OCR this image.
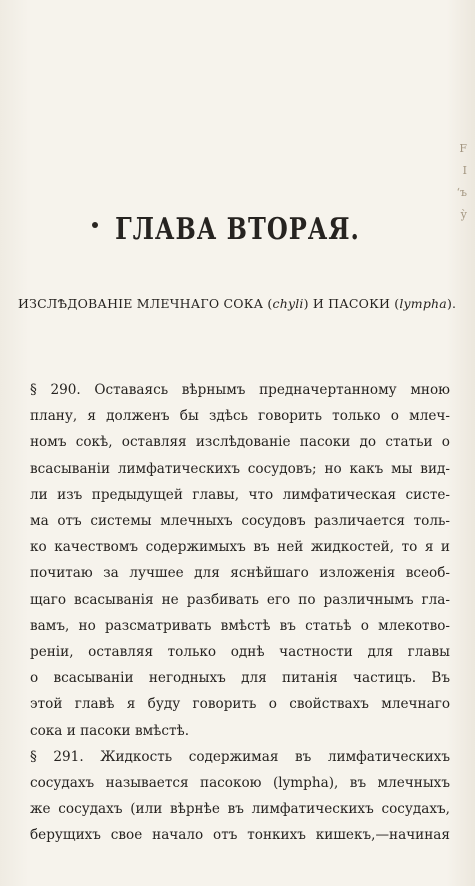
F
Ӏ
‘ъ
у̀
ГЛАВА ВТОРАЯ.
ИЗСЛѢДОВАНІЕ МЛЕЧНАГО СОКА (chyli) И ПАСОКИ (lympha).

§ 290. Оставаясь вѣрнымъ предначертанному мною
плану, я долженъ бы здѣсь говорить только о млеч-
номъ сокѣ, оставляя изслѣдованіе пасоки до статьи о
всасываніи лимфатическихъ сосудовъ; но какъ мы вид-
ли изъ предыдущей главы, что лимфатическая систе-
ма отъ системы млечныхъ сосудовъ различается толь-
ко качествомъ содержимыхъ въ ней жидкостей, то я и
почитаю за лучшее для яснѣйшаго изложенія всеоб-
щаго всасыванія не разбивать его по различнымъ гла-
вамъ, но разсматривать вмѣстѣ въ статьѣ о млекотво-
реніи, оставляя только однѣ частности для главы
о всасываніи негодныхъ для питанія частицъ. Въ
этой главѣ я буду говорить о свойствахъ млечнаго
сока и пасоки вмѣстѣ.

§ 291. Жидкость содержимая въ лимфатическихъ
сосудахъ называется пасокою (lympha), въ млечныхъ
же сосудахъ (или вѣрнѣе въ лимфатическихъ сосудахъ,
берущихъ свое начало отъ тонкихъ кишекъ,—начиная
